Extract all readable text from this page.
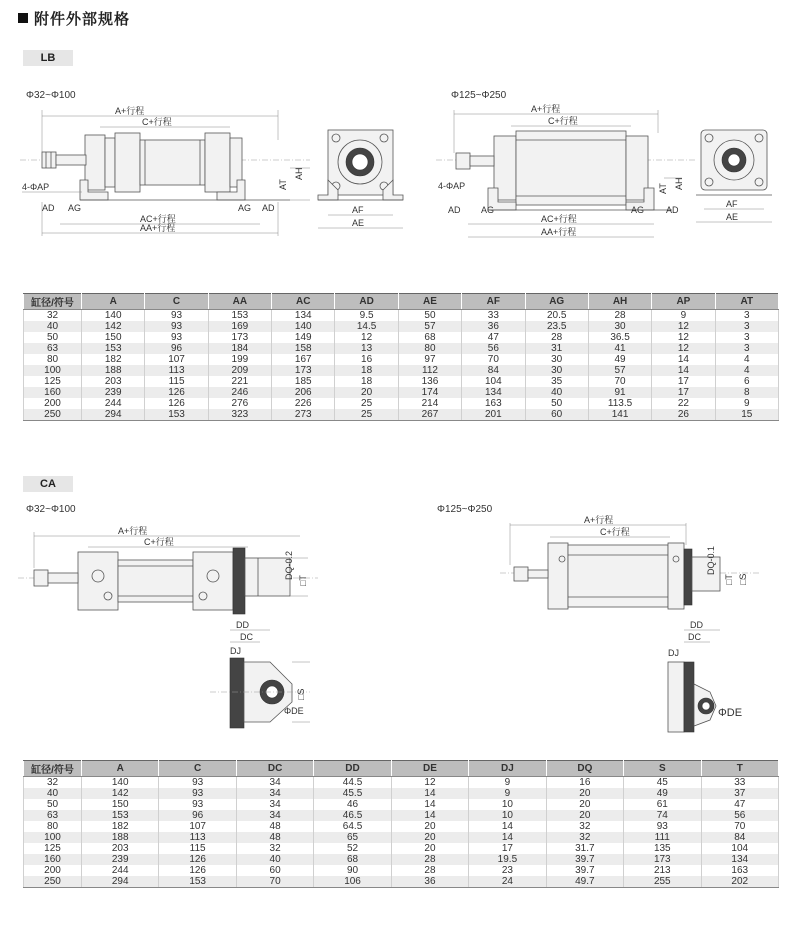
附件外部规格
LB
Φ32~Φ100	Φ125~Φ250
A+行程
C+行程
AT
AH
4-ΦAP
AD AG	AG AD
AC+行程
AA+行程
AF
AE
A+行程
C+行程
AT AH
4-ΦAP
AD AG	AG AD
AC+行程
AA+行程
AF
AE
缸径/符号	A	C	AA	AC	AD	AE	AF	AG	AH	AP	AT
32	140	93	153	134	9.5	50	33	20.5	28	9	3
40	142	93	169	140	14.5	57	36	23.5	30	12	3
50	150	93	173	149	12	68	47	28	36.5	12	3
63	153	96	184	158	13	80	56	31	41	12	3
80	182	107	199	167	16	97	70	30	49	14	4
100	188	113	209	173	18	112	84	30	57	14	4
125	203	115	221	185	18	136	104	35	70	17	6
160	239	126	246	206	20	174	134	40	91	17	8
200	244	126	276	226	25	214	163	50	113.5	22	9
250	294	153	323	273	25	267	201	60	141	26	15
CA
Φ32~Φ100	Φ125~Φ250
A+行程
C+行程
DQ-0.2
□T
DD
DC
DJ
□S
ΦDE
A+行程
C+行程
DQ-0.1
□T □S
DD
DC
DJ
ΦDE
缸径/符号	A	C	DC	DD	DE	DJ	DQ	S	T
32	140	93	34	44.5	12	9	16	45	33
40	142	93	34	45.5	14	9	20	49	37
50	150	93	34	46	14	10	20	61	47
63	153	96	34	46.5	14	10	20	74	56
80	182	107	48	64.5	20	14	32	93	70
100	188	113	48	65	20	14	32	111	84
125	203	115	32	52	20	17	31.7	135	104
160	239	126	40	68	28	19.5	39.7	173	134
200	244	126	60	90	28	23	39.7	213	163
250	294	153	70	106	36	24	49.7	255	202
